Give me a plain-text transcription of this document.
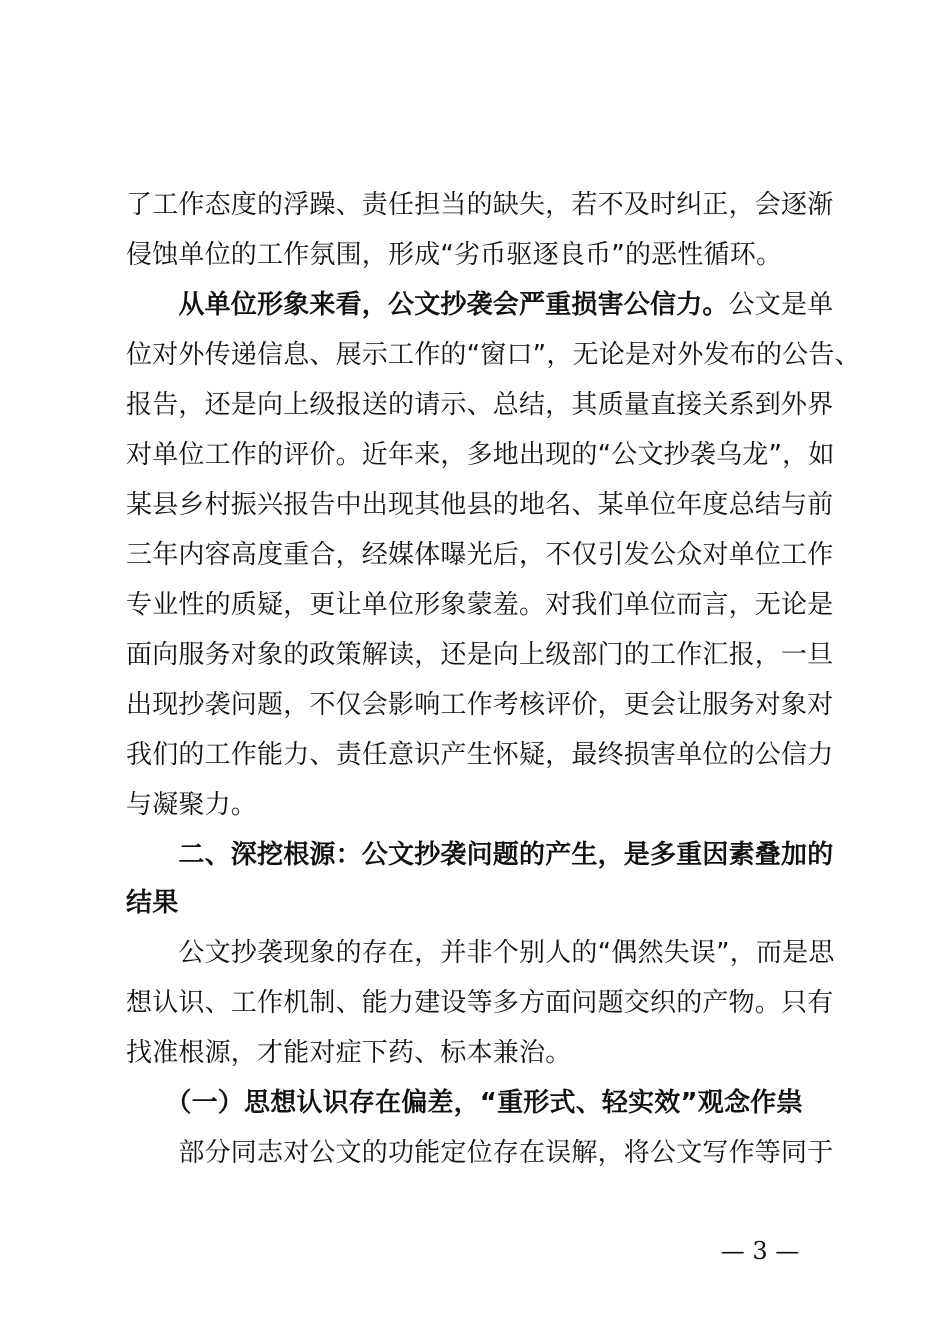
了工作态度的浮躁、责任担当的缺失，若不及时纠正，会逐渐
侵蚀单位的工作氛围，形成“劣币驱逐良币”的恶性循环。
　　从单位形象来看，公文抄袭会严重损害公信力。公文是单
位对外传递信息、展示工作的“窗口”，无论是对外发布的公告、
报告，还是向上级报送的请示、总结，其质量直接关系到外界
对单位工作的评价。近年来，多地出现的“公文抄袭乌龙”，如
某县乡村振兴报告中出现其他县的地名、某单位年度总结与前
三年内容高度重合，经媒体曝光后，不仅引发公众对单位工作
专业性的质疑，更让单位形象蒙羞。对我们单位而言，无论是
面向服务对象的政策解读，还是向上级部门的工作汇报，一旦
出现抄袭问题，不仅会影响工作考核评价，更会让服务对象对
我们的工作能力、责任意识产生怀疑，最终损害单位的公信力
与凝聚力。
　　二、深挖根源：公文抄袭问题的产生，是多重因素叠加的
结果
　　公文抄袭现象的存在，并非个别人的“偶然失误”，而是思
想认识、工作机制、能力建设等多方面问题交织的产物。只有
找准根源，才能对症下药、标本兼治。
　　（一）思想认识存在偏差，“重形式、轻实效”观念作祟
　　部分同志对公文的功能定位存在误解，将公文写作等同于
— 3 —
